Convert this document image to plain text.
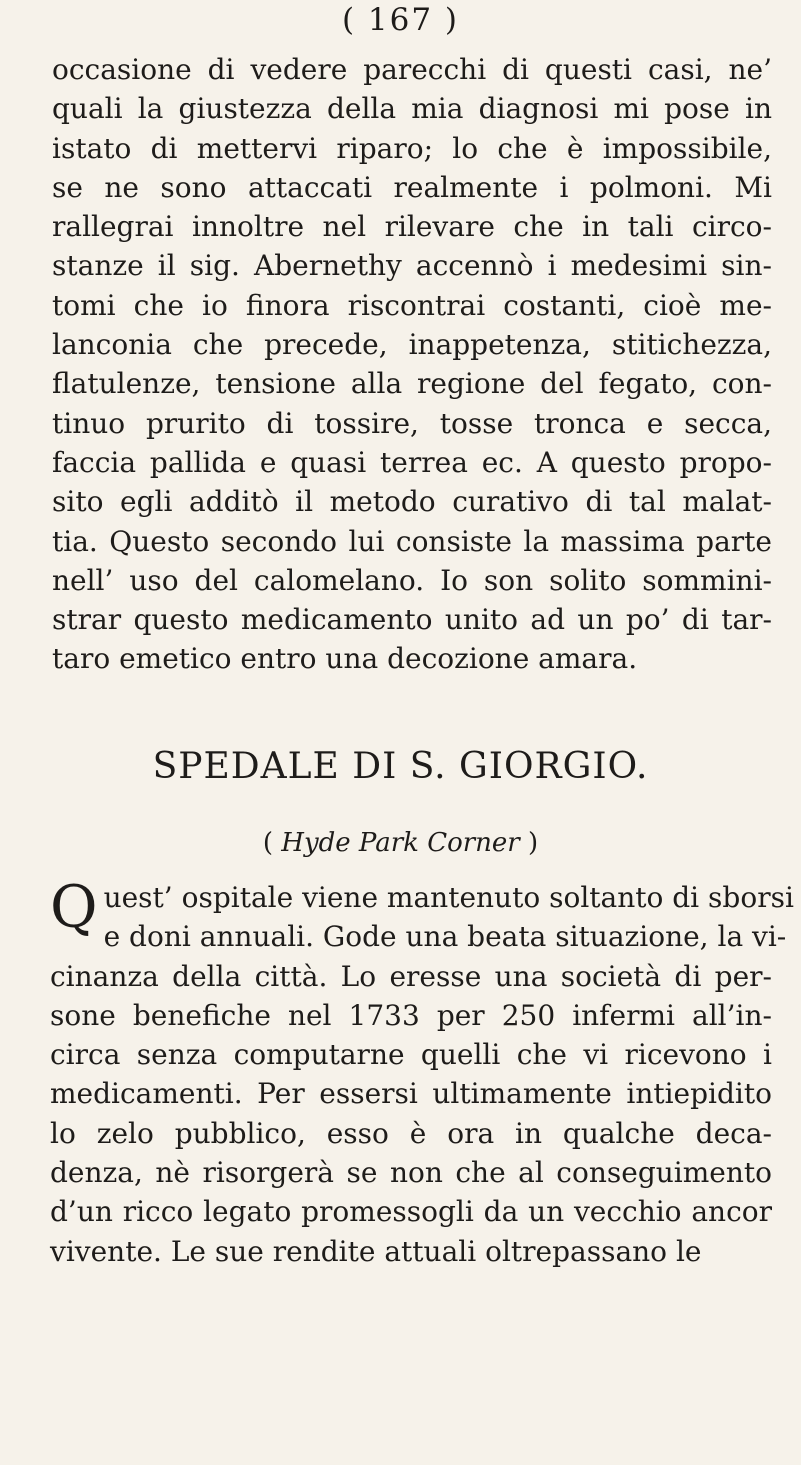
( 167 )

occasione di vedere parecchi di questi casi, ne’
quali la giustezza della mia diagnosi mi pose in
istato di mettervi riparo; lo che è impossibile,
se ne sono attaccati realmente i polmoni. Mi
rallegrai innoltre nel rilevare che in tali circo-
stanze il sig. Abernethy accennò i medesimi sin-
tomi che io finora riscontrai costanti, cioè me-
lanconia che precede, inappetenza, stitichezza,
flatulenze, tensione alla regione del fegato, con-
tinuo prurito di tossire, tosse tronca e secca,
faccia pallida e quasi terrea ec. A questo propo-
sito egli additò il metodo curativo di tal malat-
tia. Questo secondo lui consiste la massima parte
nell’ uso del calomelano. Io son solito sommini-
strar questo medicamento unito ad un po’ di tar-
taro emetico entro una decozione amara.

SPEDALE DI S. GIORGIO.
( Hyde Park Corner )

Q uest’ ospitale viene mantenuto soltanto di sborsi
e doni annuali. Gode una beata situazione, la vi-
cinanza della città. Lo eresse una società di per-
sone benefiche nel 1733 per 250 infermi all’in-
circa senza computarne quelli che vi ricevono i
medicamenti. Per essersi ultimamente intiepidito
lo zelo pubblico, esso è ora in qualche deca-
denza, nè risorgerà se non che al conseguimento
d’un ricco legato promessogli da un vecchio ancor
vivente. Le sue rendite attuali oltrepassano le
